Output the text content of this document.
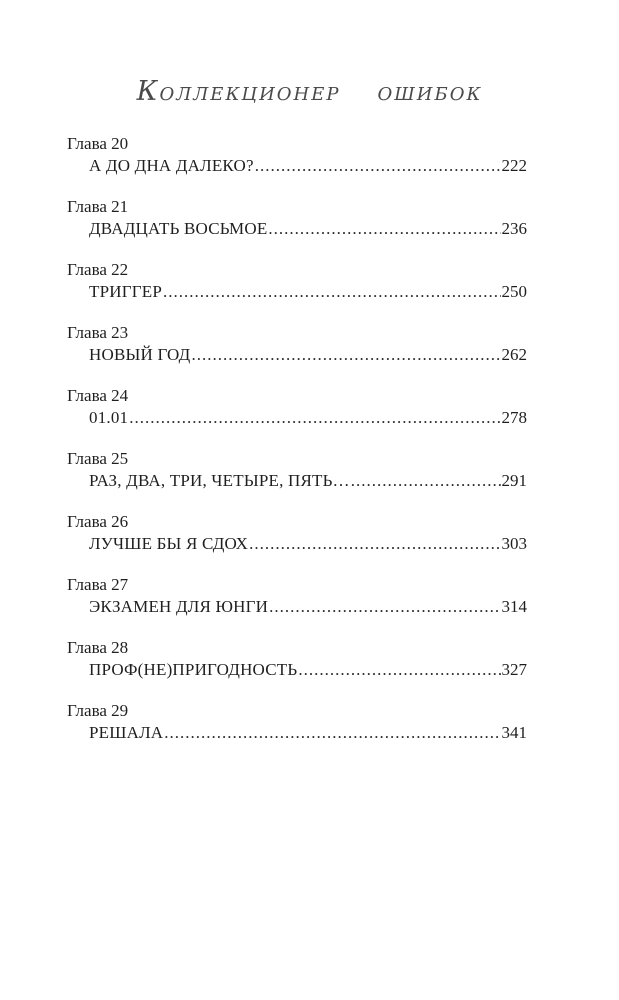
КОЛЛЕКЦИОНЕР ОШИБОК
Глава 20
А ДО ДНА ДАЛЕКО? .....	222
Глава 21
ДВАДЦАТЬ ВОСЬМОЕ .....	236
Глава 22
ТРИГГЕР .....	250
Глава 23
НОВЫЙ ГОД .....	262
Глава 24
01.01 .....	278
Глава 25
РАЗ, ДВА, ТРИ, ЧЕТЫРЕ, ПЯТЬ… .....	291
Глава 26
ЛУЧШЕ БЫ Я СДОХ .....	303
Глава 27
ЭКЗАМЕН ДЛЯ ЮНГИ .....	314
Глава 28
ПРОФ(НЕ)ПРИГОДНОСТЬ .....	327
Глава 29
РЕШАЛА .....	341
